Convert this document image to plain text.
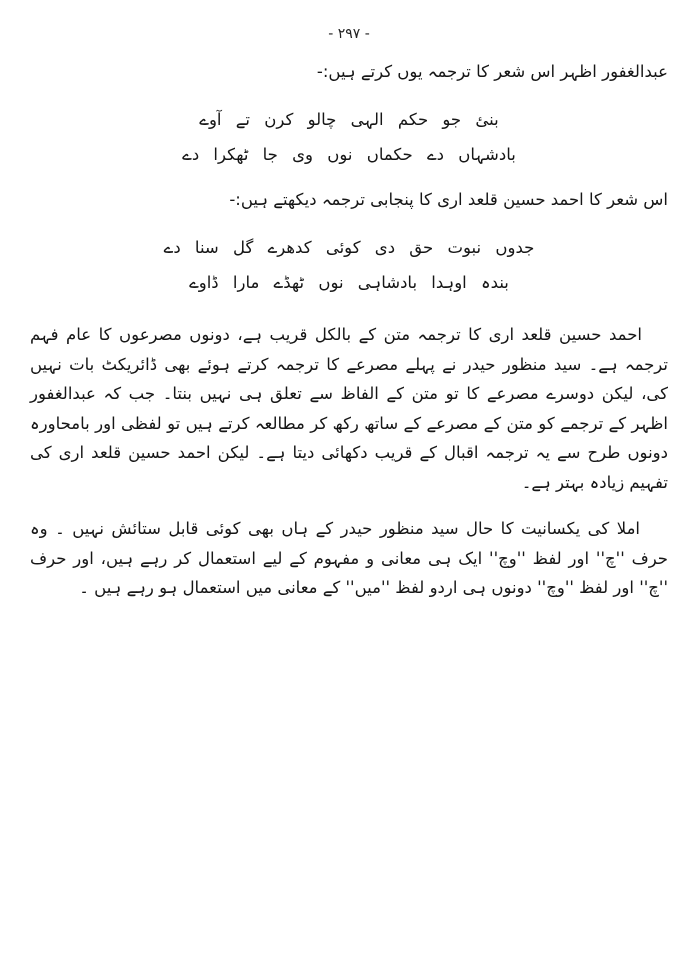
- ۲۹۷ -

عبدالغفور اظہر اس شعر کا ترجمہ یوں کرتے ہیں:-

بنئ جو حکم الہی چالو کرن تے آوے
بادشہاں دے حکماں نوں وی جا ٹھکرا دے

اس شعر کا احمد حسین قلعد اری کا پنجابی ترجمہ دیکھتے ہیں:-

جدوں نبوت حق دی کوئی کدھرے گل سنا دے
بندہ اوہدا بادشاہی نوں ٹھڈے مارا ڈاوے

احمد حسین قلعد اری کا ترجمہ متن کے بالکل قریب ہے، دونوں مصرعوں کا عام فہم ترجمہ ہے۔ سید منظور حیدر نے پہلے مصرعے کا ترجمہ کرتے ہوئے بھی ڈائریکٹ بات نہیں کی، لیکن دوسرے مصرعے کا تو متن کے الفاظ سے تعلق ہی نہیں بنتا۔ جب کہ عبدالغفور اظہر کے ترجمے کو متن کے مصرعے کے ساتھ رکھ کر مطالعہ کرتے ہیں تو لفظی اور بامحاورہ دونوں طرح سے یہ ترجمہ اقبال کے قریب دکھائی دیتا ہے۔ لیکن احمد حسین قلعد اری کی تفہیم زیادہ بہتر ہے۔

املا کی یکسانیت کا حال سید منظور حیدر کے ہاں بھی کوئی قابل ستائش نہیں ۔ وہ حرف ''چ'' اور لفظ ''وچ'' ایک ہی معانی و مفہوم کے لیے استعمال کر رہے ہیں، اور حرف ''چ'' اور لفظ ''وچ'' دونوں ہی اردو لفظ ''میں'' کے معانی میں استعمال ہو رہے ہیں ۔
